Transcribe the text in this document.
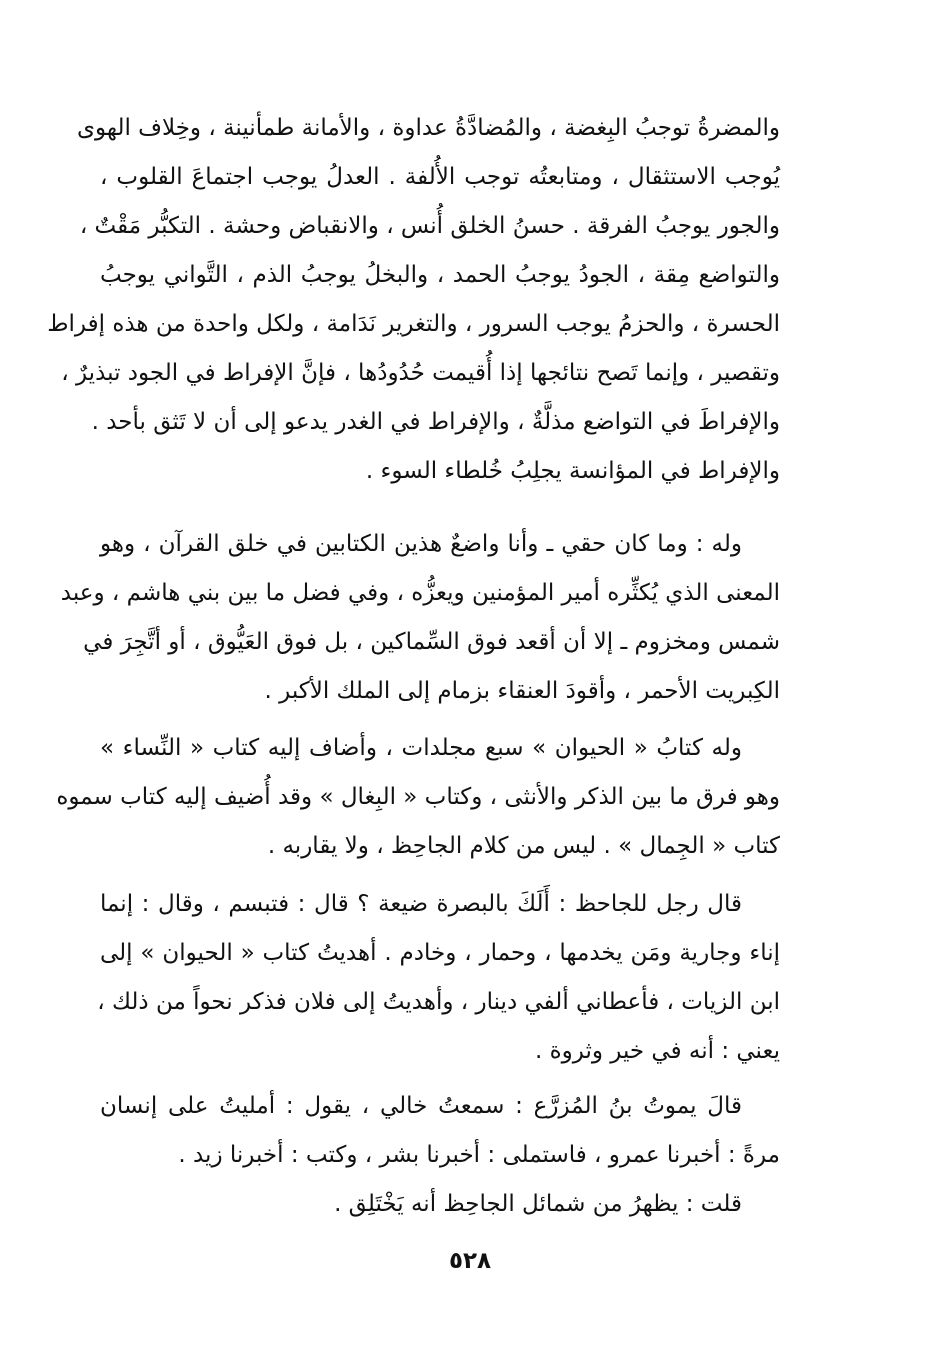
والمضرةُ توجبُ البِغضة ، والمُضادَّةُ عداوة ، والأمانة طمأنينة ، وخِلاف الهوى
يُوجب الاستثقال ، ومتابعتُه توجب الأُلفة . العدلُ يوجب اجتماعَ القلوب ،
والجور يوجبُ الفرقة . حسنُ الخلق أُنس ، والانقباض وحشة . التكبُّر مَقْتٌ ،
والتواضع مِقة ، الجودُ يوجبُ الحمد ، والبخلُ يوجبُ الذم ، التَّواني يوجبُ
الحسرة ، والحزمُ يوجب السرور ، والتغرير نَدَامة ، ولكل واحدة من هذه إفراط
وتقصير ، وإنما تَصح نتائجها إذا أُقيمت حُدُودُها ، فإنَّ الإفراط في الجود تبذيرٌ ،
والإفراطَ في التواضع مذلَّةٌ ، والإفراط في الغدر يدعو إلى أن لا تَثق بأحد .
والإفراط في المؤانسة يجلِبُ خُلطاء السوء .
وله : وما كان حقي ـ وأنا واضعٌ هذين الكتابين في خلق القرآن ، وهو
المعنى الذي يُكثِّره أمير المؤمنين ويعزُّه ، وفي فضل ما بين بني هاشم ، وعبد
شمس ومخزوم ـ إلا أن أقعد فوق السِّماكين ، بل فوق العَيُّوق ، أو أتَّجِرَ في
الكِبريت الأحمر ، وأقودَ العنقاء بزمام إلى الملك الأكبر .
وله كتابُ « الحيوان » سبع مجلدات ، وأضاف إليه كتاب « النِّساء »
وهو فرق ما بين الذكر والأنثى ، وكتاب « البِغال » وقد أُضيف إليه كتاب سموه
كتاب « الجِمال » . ليس من كلام الجاحِظ ، ولا يقاربه .
قال رجل للجاحظ : أَلَكَ بالبصرة ضيعة ؟ قال : فتبسم ، وقال : إنما
إناء وجارية ومَن يخدمها ، وحمار ، وخادم . أهديتُ كتاب « الحيوان » إلى
ابن الزيات ، فأعطاني ألفي دينار ، وأهديتُ إلى فلان فذكر نحواً من ذلك ،
يعني : أنه في خير وثروة .
قالَ يموتُ بنُ المُزرَّع : سمعتُ خالي ، يقول : أمليتُ على إنسان
مرةً : أخبرنا عمرو ، فاستملى : أخبرنا بشر ، وكتب : أخبرنا زيد .
قلت : يظهرُ من شمائل الجاحِظ أنه يَخْتَلِق .
٥٢٨
